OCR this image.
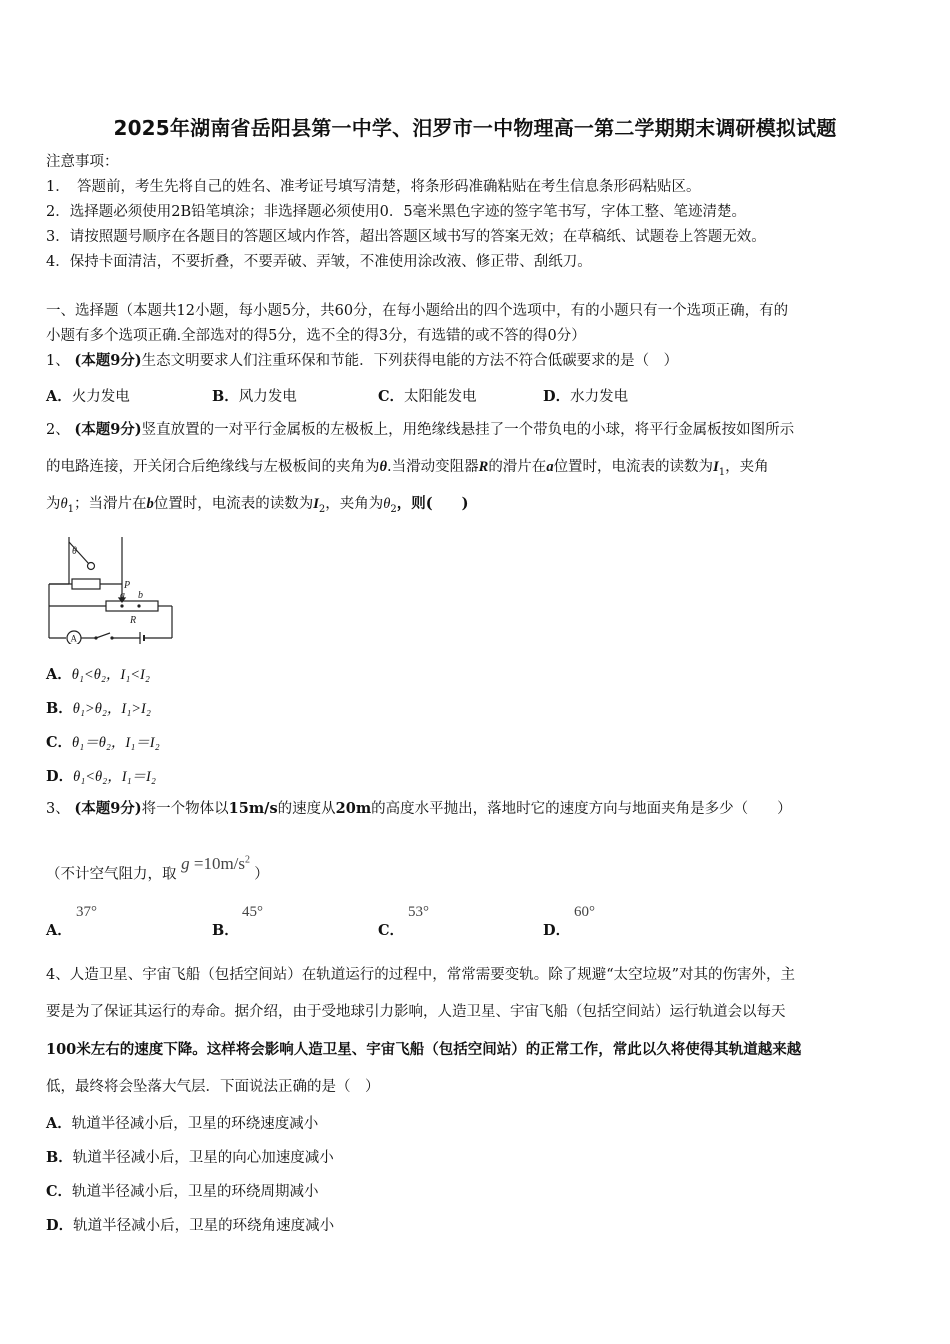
2025年湖南省岳阳县第一中学、汨罗市一中物理高一第二学期期末调研模拟试题
注意事项：
1．　答题前，考生先将自己的姓名、准考证号填写清楚，将条形码准确粘贴在考生信息条形码粘贴区。
2．选择题必须使用2B铅笔填涂；非选择题必须使用0．5毫米黑色字迹的签字笔书写，字体工整、笔迹清楚。
3．请按照题号顺序在各题目的答题区域内作答，超出答题区域书写的答案无效；在草稿纸、试题卷上答题无效。
4．保持卡面清洁，不要折叠，不要弄破、弄皱，不准使用涂改液、修正带、刮纸刀。
一、选择题（本题共12小题，每小题5分，共60分，在每小题给出的四个选项中，有的小题只有一个选项正确，有的
小题有多个选项正确.全部选对的得5分，选不全的得3分，有选错的或不答的得0分）
1、 (本题9分)生态文明要求人们注重环保和节能．下列获得电能的方法不符合低碳要求的是（　）
A．火力发电	B．风力发电	C．太阳能发电	D．水力发电
2、 (本题9分)竖直放置的一对平行金属板的左极板上，用绝缘线悬挂了一个带负电的小球，将平行金属板按如图所示
的电路连接，开关闭合后绝缘线与左极板间的夹角为θ.当滑动变阻器R的滑片在a位置时，电流表的读数为$I_1$，夹角
为$\theta_1$；当滑片在b位置时，电流表的读数为$I_2$，夹角为$\theta_2$，则(　　)
θ
P
a b
R
A
A．θ₁<θ₂，I₁<I₂
B．θ₁>θ₂，I₁>I₂
C．θ₁＝θ₂，I₁＝I₂
D．θ₁<θ₂，I₁＝I₂
3、 (本题9分)将一个物体以15m/s的速度从20m的高度水平抛出，落地时它的速度方向与地面夹角是多少（　　）
（不计空气阻力，取 $g =10m/s^2$ ）
A．
37°
B．
45°
C．
53°
D．
60°
4、人造卫星、宇宙飞船（包括空间站）在轨道运行的过程中，常常需要变轨。除了规避“太空垃圾”对其的伤害外，主
要是为了保证其运行的寿命。据介绍，由于受地球引力影响，人造卫星、宇宙飞船（包括空间站）运行轨道会以每天
100米左右的速度下降。这样将会影响人造卫星、宇宙飞船（包括空间站）的正常工作，常此以久将使得其轨道越来越
低，最终将会坠落大气层．下面说法正确的是（　）
A．轨道半径减小后，卫星的环绕速度减小
B．轨道半径减小后，卫星的向心加速度减小
C．轨道半径减小后，卫星的环绕周期减小
D．轨道半径减小后，卫星的环绕角速度减小
